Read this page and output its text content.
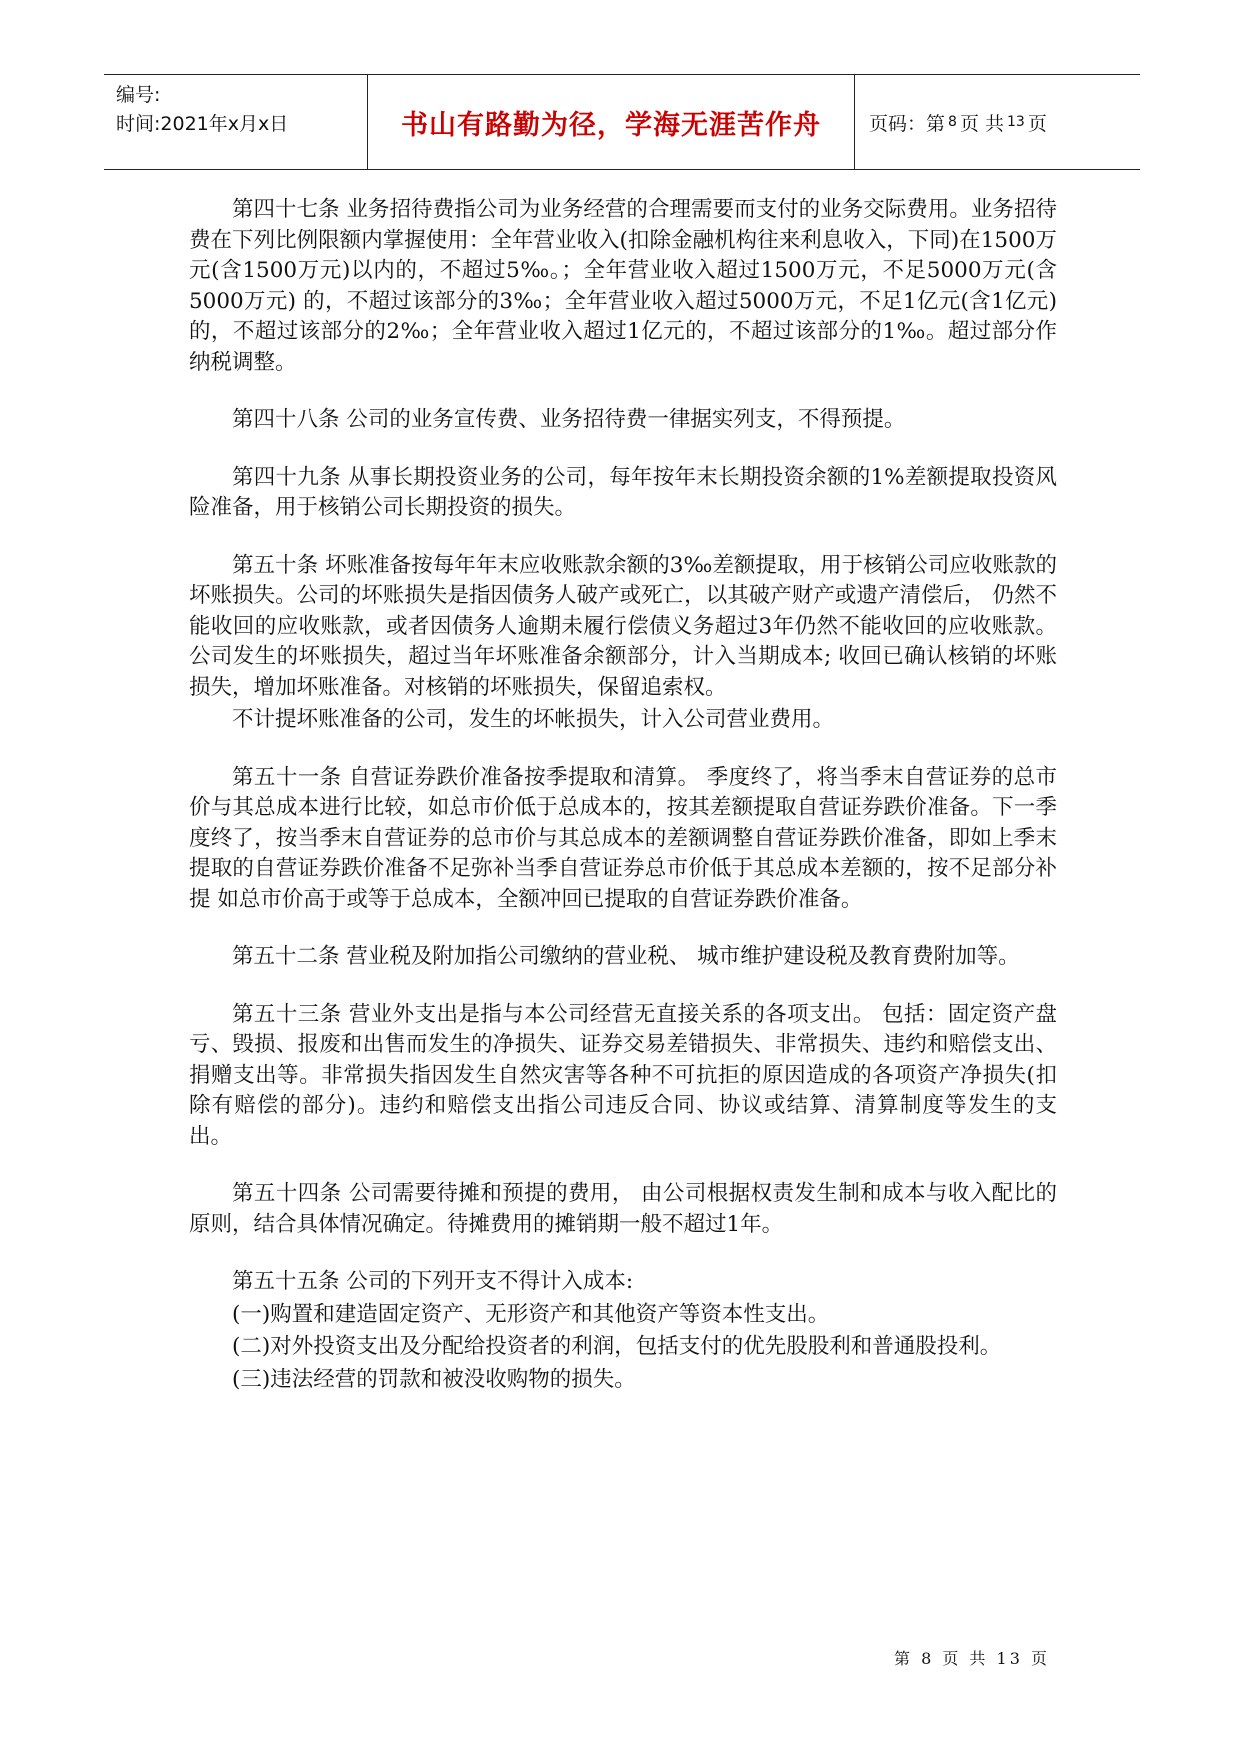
编号:
时间:2021年x月x日	书山有路勤为径，学海无涯苦作舟	页码：第 8 页 共 13 页

第四十七条 业务招待费指公司为业务经营的合理需要而支付的业务交际费用。业务招待费在下列比例限额内掌握使用：全年营业收入(扣除金融机构往来利息收入，下同)在1500万元(含1500万元)以内的，不超过5‰。；全年营业收入超过1500万元，不足5000万元(含5000万元) 的，不超过该部分的3‰；全年营业收入超过5000万元，不足1亿元(含1亿元)的，不超过该部分的2‰；全年营业收入超过1亿元的，不超过该部分的1‰。超过部分作纳税调整。

第四十八条 公司的业务宣传费、业务招待费一律据实列支，不得预提。

第四十九条 从事长期投资业务的公司，每年按年末长期投资余额的1%差额提取投资风险准备，用于核销公司长期投资的损失。

第五十条 坏账准备按每年年末应收账款余额的3‰差额提取，用于核销公司应收账款的坏账损失。公司的坏账损失是指因债务人破产或死亡，以其破产财产或遗产清偿后， 仍然不能收回的应收账款，或者因债务人逾期未履行偿债义务超过3年仍然不能收回的应收账款。公司发生的坏账损失，超过当年坏账准备余额部分，计入当期成本; 收回已确认核销的坏账损失，增加坏账准备。对核销的坏账损失，保留追索权。

不计提坏账准备的公司，发生的坏帐损失，计入公司营业费用。

第五十一条 自营证券跌价准备按季提取和清算。 季度终了，将当季末自营证券的总市价与其总成本进行比较，如总市价低于总成本的，按其差额提取自营证券跌价准备。下一季度终了，按当季末自营证券的总市价与其总成本的差额调整自营证券跌价准备，即如上季末提取的自营证券跌价准备不足弥补当季自营证券总市价低于其总成本差额的，按不足部分补提 如总市价高于或等于总成本，全额冲回已提取的自营证券跌价准备。

第五十二条 营业税及附加指公司缴纳的营业税、 城市维护建设税及教育费附加等。

第五十三条 营业外支出是指与本公司经营无直接关系的各项支出。 包括：固定资产盘亏、毁损、报废和出售而发生的净损失、证券交易差错损失、非常损失、违约和赔偿支出、捐赠支出等。非常损失指因发生自然灾害等各种不可抗拒的原因造成的各项资产净损失(扣除有赔偿的部分)。违约和赔偿支出指公司违反合同、协议或结算、清算制度等发生的支出。

第五十四条 公司需要待摊和预提的费用， 由公司根据权责发生制和成本与收入配比的原则，结合具体情况确定。待摊费用的摊销期一般不超过1年。

第五十五条 公司的下列开支不得计入成本:

(一)购置和建造固定资产、无形资产和其他资产等资本性支出。

(二)对外投资支出及分配给投资者的利润，包括支付的优先股股利和普通股投利。

(三)违法经营的罚款和被没收购物的损失。

第 8 页 共 13 页
